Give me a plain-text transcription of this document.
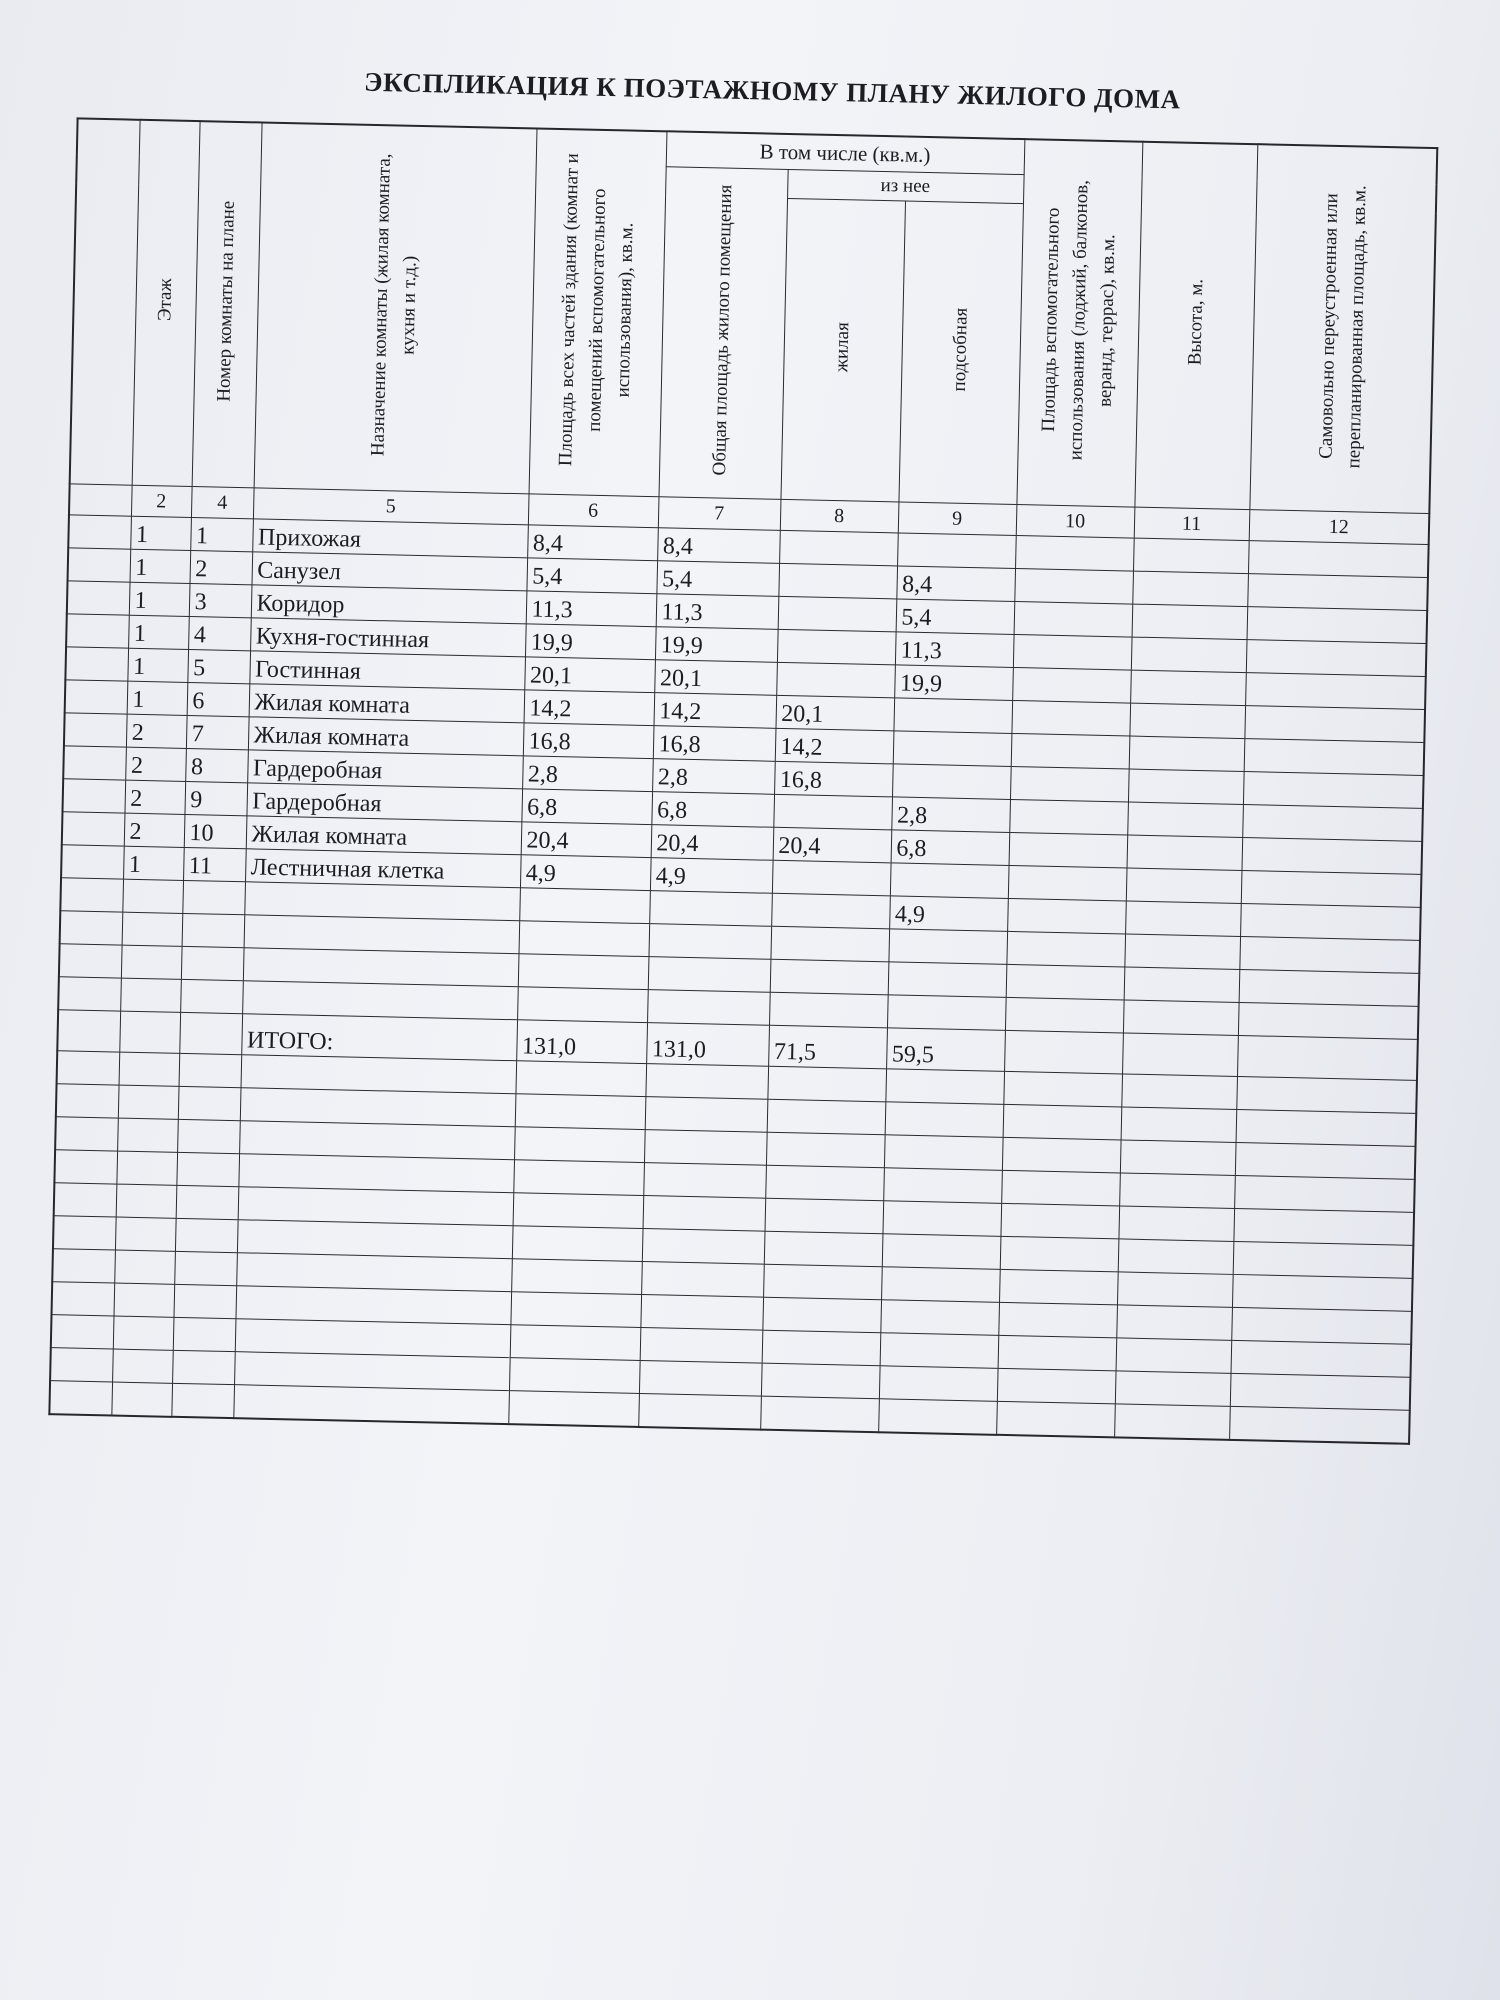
ЭКСПЛИКАЦИЯ К ПОЭТАЖНОМУ ПЛАНУ ЖИЛОГО ДОМА
	Этаж	Номер комнаты на плане	Назначение комнаты (жилая комната, кухня и т.д.)	Площадь всех частей здания (комнат и помещений вспомогательного использования), кв.м.	В том числе (кв.м.)			Площадь вспомогательного использования (лоджий, балконов, веранд, террас), кв.м.	Высота, м.	Самовольно переустроенная или перепланированная площадь, кв.м.
					Общая площадь жилого помещения	из нее				
						жилая	подсобная			
	2	4	5	6	7	8	9	10	11	12
	1	1	Прихожая	8,4	8,4					
	1	2	Санузел	5,4	5,4		8,4			
	1	3	Коридор	11,3	11,3		5,4			
	1	4	Кухня-гостинная	19,9	19,9		11,3			
	1	5	Гостинная	20,1	20,1		19,9			
	1	6	Жилая комната	14,2	14,2	20,1				
	2	7	Жилая комната	16,8	16,8	14,2				
	2	8	Гардеробная	2,8	2,8	16,8				
	2	9	Гардеробная	6,8	6,8		2,8			
	2	10	Жилая комната	20,4	20,4	20,4	6,8			
	1	11	Лестничная клетка	4,9	4,9					
							4,9			

			ИТОГО:	131,0	131,0	71,5	59,5			
